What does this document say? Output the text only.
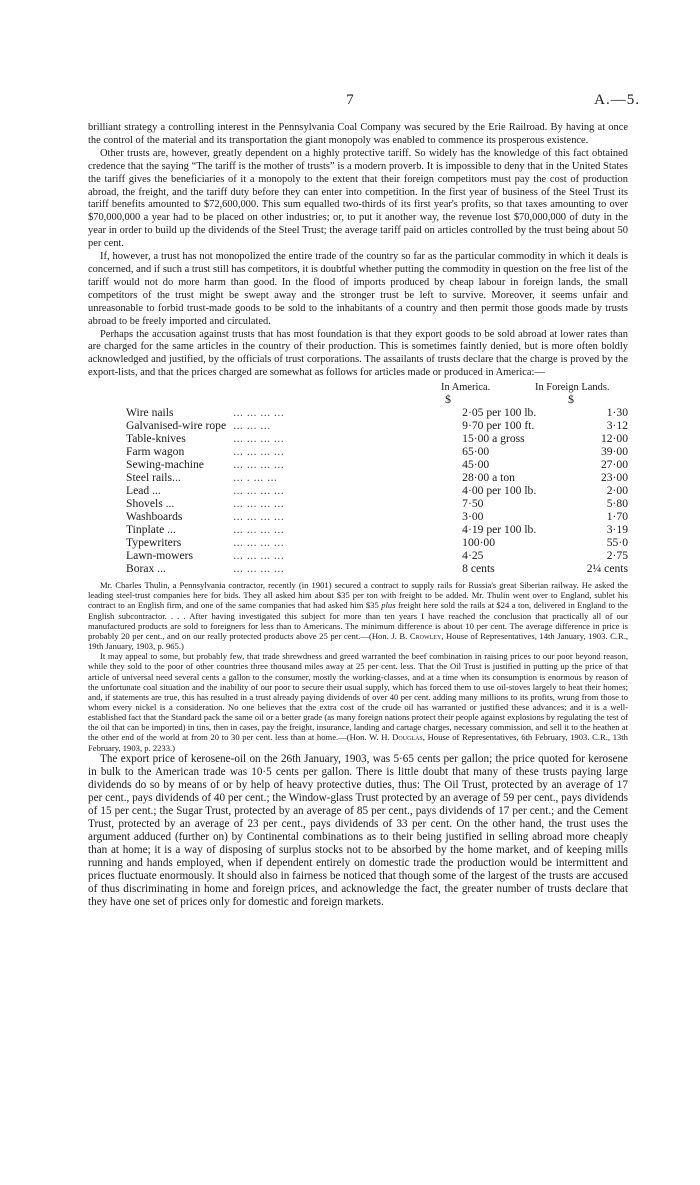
7	A.—5.

brilliant strategy a controlling interest in the Pennsylvania Coal Company was secured by the Erie Railroad. By having at once the control of the material and its transportation the giant monopoly was enabled to commence its prosperous existence.

Other trusts are, however, greatly dependent on a highly protective tariff. So widely has the knowledge of this fact obtained credence that the saying “The tariff is the mother of trusts” is a modern proverb. It is impossible to deny that in the United States the tariff gives the beneficiaries of it a monopoly to the extent that their foreign competitors must pay the cost of production abroad, the freight, and the tariff duty before they can enter into competition. In the first year of business of the Steel Trust its tariff benefits amounted to $72,600,000. This sum equalled two-thirds of its first year's profits, so that taxes amounting to over $70,000,000 a year had to be placed on other industries; or, to put it another way, the revenue lost $70,000,000 of duty in the year in order to build up the dividends of the Steel Trust; the average tariff paid on articles controlled by the trust being about 50 per cent.

If, however, a trust has not monopolized the entire trade of the country so far as the particular commodity in which it deals is concerned, and if such a trust still has competitors, it is doubtful whether putting the commodity in question on the free list of the tariff would not do more harm than good. In the flood of imports produced by cheap labour in foreign lands, the small competitors of the trust might be swept away and the stronger trust be left to survive. Moreover, it seems unfair and unreasonable to forbid trust-made goods to be sold to the inhabitants of a country and then permit those goods made by trusts abroad to be freely imported and circulated.

Perhaps the accusation against trusts that has most foundation is that they export goods to be sold abroad at lower rates than are charged for the same articles in the country of their production. This is sometimes faintly denied, but is more often boldly acknowledged and justified, by the officials of trust corporations. The assailants of trusts declare that the charge is proved by the export-lists, and that the prices charged are somewhat as follows for articles made or produced in America:—

In America.	In Foreign Lands.
$	$
Wire nails	... ... ... ...	2·05 per 100 lb.	1·30
Galvanised-wire rope	... ... ...	9·70 per 100 ft.	3·12
Table-knives	... ... ... ...	15·00 a gross	12·00
Farm wagon	... ... ... ...	65·00	39·00
Sewing-machine	... ... ... ...	45·00	27·00
Steel rails...	... . ... ...	28·00 a ton	23·00
Lead ...	... ... ... ...	4·00 per 100 lb.	2·00
Shovels ...	... ... ... ...	7·50	5·80
Washboards	... ... ... ...	3·00	1·70
Tinplate ...	... ... ... ...	4·19 per 100 lb.	3·19
Typewriters	... ... ... ...	100·00	55·0
Lawn-mowers	... ... ... ...	4·25	2·75
Borax ...	... ... ... ...	8 cents	2¼ cents

Mr. Charles Thulin, a Pennsylvania contractor, recently (in 1901) secured a contract to supply rails for Russia's great Siberian railway. He asked the leading steel-trust companies here for bids. They all asked him about $35 per ton with freight to be added. Mr. Thulin went over to England, sublet his contract to an English firm, and one of the same companies that had asked him $35 plus freight here sold the rails at $24 a ton, delivered in England to the English subcontractor. . . . After having investigated this subject for more than ten years I have reached the conclusion that practically all of our manufactured products are sold to foreigners for less than to Americans. The minimum difference is about 10 per cent. The average difference in price is probably 20 per cent., and on our really protected products above 25 per cent.—(Hon. J. B. Crowley, House of Representatives, 14th January, 1903. C.R., 19th January, 1903, p. 965.)

It may appeal to some, but probably few, that trade shrewdness and greed warranted the beef combination in raising prices to our poor beyond reason, while they sold to the poor of other countries three thousand miles away at 25 per cent. less. That the Oil Trust is justified in putting up the price of that article of universal need several cents a gallon to the consumer, mostly the working-classes, and at a time when its consumption is enormous by reason of the unfortunate coal situation and the inability of our poor to secure their usual supply, which has forced them to use oil-stoves largely to heat their homes; and, if statements are true, this has resulted in a trust already paying dividends of over 40 per cent. adding many millions to its profits, wrung from those to whom every nickel is a consideration. No one believes that the extra cost of the crude oil has warranted or justified these advances; and it is a well-established fact that the Standard pack the same oil or a better grade (as many foreign nations protect their people against explosions by regulating the test of the oil that can be imported) in tins, then in cases, pay the freight, insurance, landing and cartage charges, necessary commission, and sell it to the heathen at the other end of the world at from 20 to 30 per cent. less than at home.—(Hon. W. H. Douglas, House of Representatives, 6th February, 1903. C.R., 13th February, 1903, p. 2233.)

The export price of kerosene-oil on the 26th January, 1903, was 5·65 cents per gallon; the price quoted for kerosene in bulk to the American trade was 10·5 cents per gallon. There is little doubt that many of these trusts paying large dividends do so by means of or by help of heavy protective duties, thus: The Oil Trust, protected by an average of 17 per cent., pays dividends of 40 per cent.; the Window-glass Trust protected by an average of 59 per cent., pays dividends of 15 per cent.; the Sugar Trust, protected by an average of 85 per cent., pays dividends of 17 per cent.; and the Cement Trust, protected by an average of 23 per cent., pays dividends of 33 per cent. On the other hand, the trust uses the argument adduced (further on) by Continental combinations as to their being justified in selling abroad more cheaply than at home; it is a way of disposing of surplus stocks not to be absorbed by the home market, and of keeping mills running and hands employed, when if dependent entirely on domestic trade the production would be intermittent and prices fluctuate enormously. It should also in fairness be noticed that though some of the largest of the trusts are accused of thus discriminating in home and foreign prices, and acknowledge the fact, the greater number of trusts declare that they have one set of prices only for domestic and foreign markets.
